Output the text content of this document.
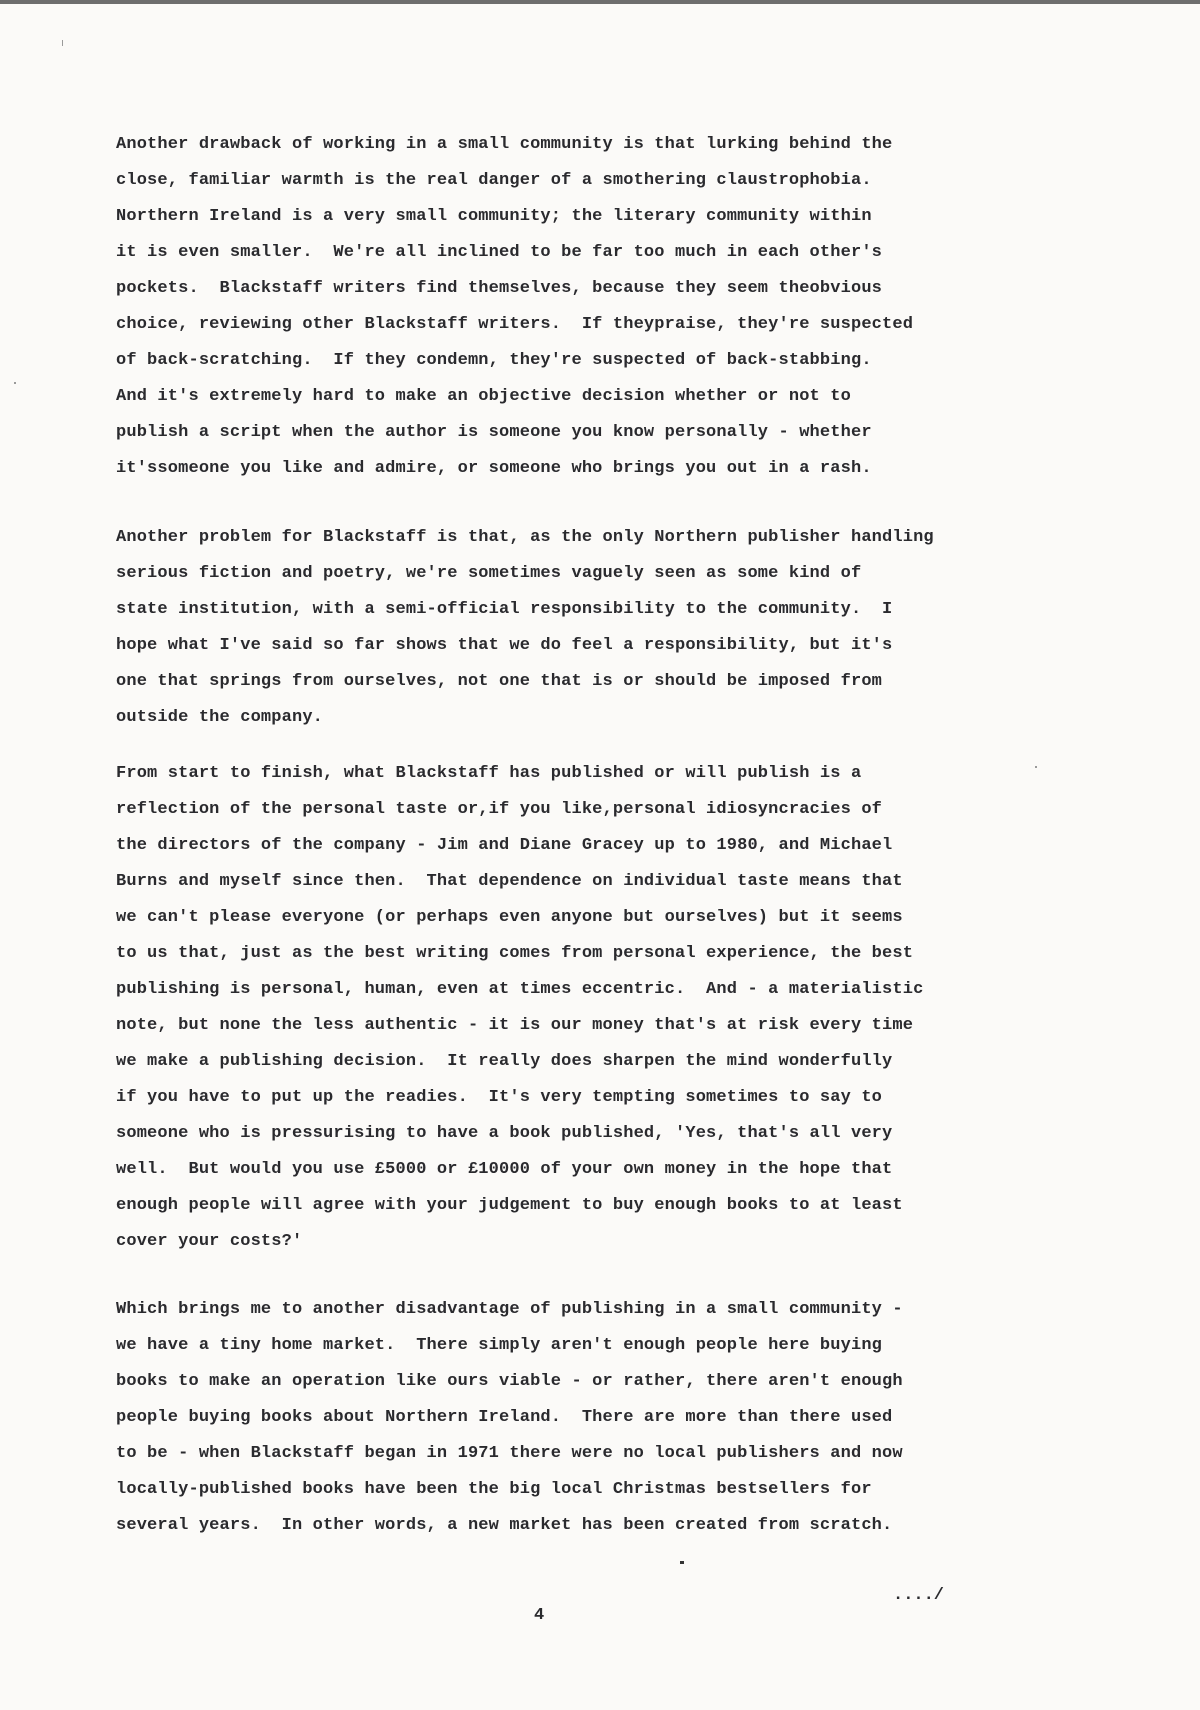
Another drawback of working in a small community is that lurking behind the
close, familiar warmth is the real danger of a smothering claustrophobia.
Northern Ireland is a very small community; the literary community within
it is even smaller.  We're all inclined to be far too much in each other's
pockets.  Blackstaff writers find themselves, because they seem theobvious
choice, reviewing other Blackstaff writers.  If theypraise, they're suspected
of back-scratching.  If they condemn, they're suspected of back-stabbing.
And it's extremely hard to make an objective decision whether or not to
publish a script when the author is someone you know personally - whether
it'ssomeone you like and admire, or someone who brings you out in a rash.
Another problem for Blackstaff is that, as the only Northern publisher handling
serious fiction and poetry, we're sometimes vaguely seen as some kind of
state institution, with a semi-official responsibility to the community.  I
hope what I've said so far shows that we do feel a responsibility, but it's
one that springs from ourselves, not one that is or should be imposed from
outside the company.
From start to finish, what Blackstaff has published or will publish is a
reflection of the personal taste or,if you like,personal idiosyncracies of
the directors of the company - Jim and Diane Gracey up to 1980, and Michael
Burns and myself since then.  That dependence on individual taste means that
we can't please everyone (or perhaps even anyone but ourselves) but it seems
to us that, just as the best writing comes from personal experience, the best
publishing is personal, human, even at times eccentric.  And - a materialistic
note, but none the less authentic - it is our money that's at risk every time
we make a publishing decision.  It really does sharpen the mind wonderfully
if you have to put up the readies.  It's very tempting sometimes to say to
someone who is pressurising to have a book published, 'Yes, that's all very
well.  But would you use £5000 or £10000 of your own money in the hope that
enough people will agree with your judgement to buy enough books to at least
cover your costs?'
Which brings me to another disadvantage of publishing in a small community -
we have a tiny home market.  There simply aren't enough people here buying
books to make an operation like ours viable - or rather, there aren't enough
people buying books about Northern Ireland.  There are more than there used
to be - when Blackstaff began in 1971 there were no local publishers and now
locally-published books have been the big local Christmas bestsellers for
several years.  In other words, a new market has been created from scratch.
..../
4
